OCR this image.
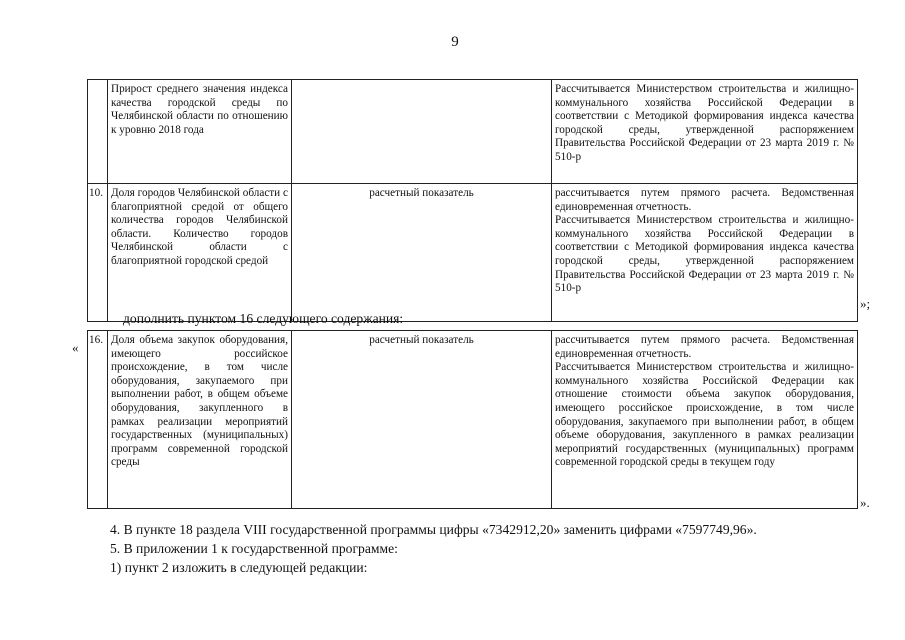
9
	Прирост среднего значения индекса качества городской среды по Челябинской области по отношению к уровню 2018 года		Рассчитывается Министерством строительства и жилищно-коммунального хозяйства Российской Федерации в соответствии с Методикой формирования индекса качества городской среды, утвержденной распоряжением Правительства Российской Федерации от 23 марта 2019 г. № 510-р
10.	Доля городов Челябинской области с благоприятной средой от общего количества городов Челябинской области. Количество городов Челябинской области с благоприятной городской средой	расчетный показатель	рассчитывается путем прямого расчета. Ведомственная единовременная отчетность.
Рассчитывается Министерством строительства и жилищно-коммунального хозяйства Российской Федерации в соответствии с Методикой формирования индекса качества городской среды, утвержденной распоряжением Правительства Российской Федерации от 23 марта 2019 г. № 510-р
»;
дополнить пунктом 16 следующего содержания:
« 16.	Доля объема закупок оборудования, имеющего российское происхождение, в том числе оборудования, закупаемого при выполнении работ, в общем объеме оборудования, закупленного в рамках реализации мероприятий государственных (муниципальных) программ современной городской среды	расчетный показатель	рассчитывается путем прямого расчета. Ведомственная единовременная отчетность.
Рассчитывается Министерством строительства и жилищно-коммунального хозяйства Российской Федерации как отношение стоимости объема закупок оборудования, имеющего российское происхождение, в том числе оборудования, закупаемого при выполнении работ, в общем объеме оборудования, закупленного в рамках реализации мероприятий государственных (муниципальных) программ современной городской среды в текущем году
».
4. В пункте 18 раздела VIII государственной программы цифры «7342912,20» заменить цифрами «7597749,96».
5. В приложении 1 к государственной программе:
1) пункт 2 изложить в следующей редакции:
